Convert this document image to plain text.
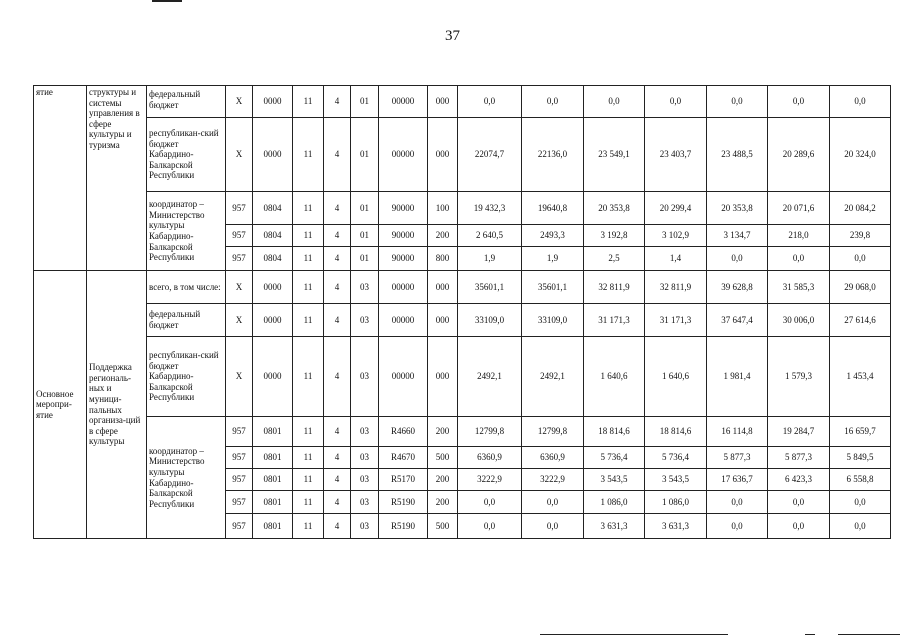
37
ятие	структуры и системы управления в сфере культуры и туризма	федеральный бюджет	Х	0000	11	4	01	00000	000	0,0	0,0	0,0	0,0	0,0	0,0	0,0
		республикан-ский бюджет Кабардино-Балкарской Республики	Х	0000	11	4	01	00000	000	22074,7	22136,0	23 549,1	23 403,7	23 488,5	20 289,6	20 324,0
		координатор – Министерство культуры Кабардино-Балкарской Республики	957	0804	11	4	01	90000	100	19 432,3	19640,8	20 353,8	20 299,4	20 353,8	20 071,6	20 084,2
			957	0804	11	4	01	90000	200	2 640,5	2493,3	3 192,8	3 102,9	3 134,7	218,0	239,8
			957	0804	11	4	01	90000	800	1,9	1,9	2,5	1,4	0,0	0,0	0,0
Основное меропри-ятие	Поддержка региональ-ных и муници-пальных организа-ций в сфере культуры	всего, в том числе:	Х	0000	11	4	03	00000	000	35601,1	35601,1	32 811,9	32 811,9	39 628,8	31 585,3	29 068,0
		федеральный бюджет	Х	0000	11	4	03	00000	000	33109,0	33109,0	31 171,3	31 171,3	37 647,4	30 006,0	27 614,6
		республикан-ский бюджет Кабардино-Балкарской Республики	Х	0000	11	4	03	00000	000	2492,1	2492,1	1 640,6	1 640,6	1 981,4	1 579,3	1 453,4
		координатор – Министерство культуры Кабардино-Балкарской Республики	957	0801	11	4	03	R4660	200	12799,8	12799,8	18 814,6	18 814,6	16 114,8	19 284,7	16 659,7
			957	0801	11	4	03	R4670	500	6360,9	6360,9	5 736,4	5 736,4	5 877,3	5 877,3	5 849,5
			957	0801	11	4	03	R5170	200	3222,9	3222,9	3 543,5	3 543,5	17 636,7	6 423,3	6 558,8
			957	0801	11	4	03	R5190	200	0,0	0,0	1 086,0	1 086,0	0,0	0,0	0,0
			957	0801	11	4	03	R5190	500	0,0	0,0	3 631,3	3 631,3	0,0	0,0	0,0
